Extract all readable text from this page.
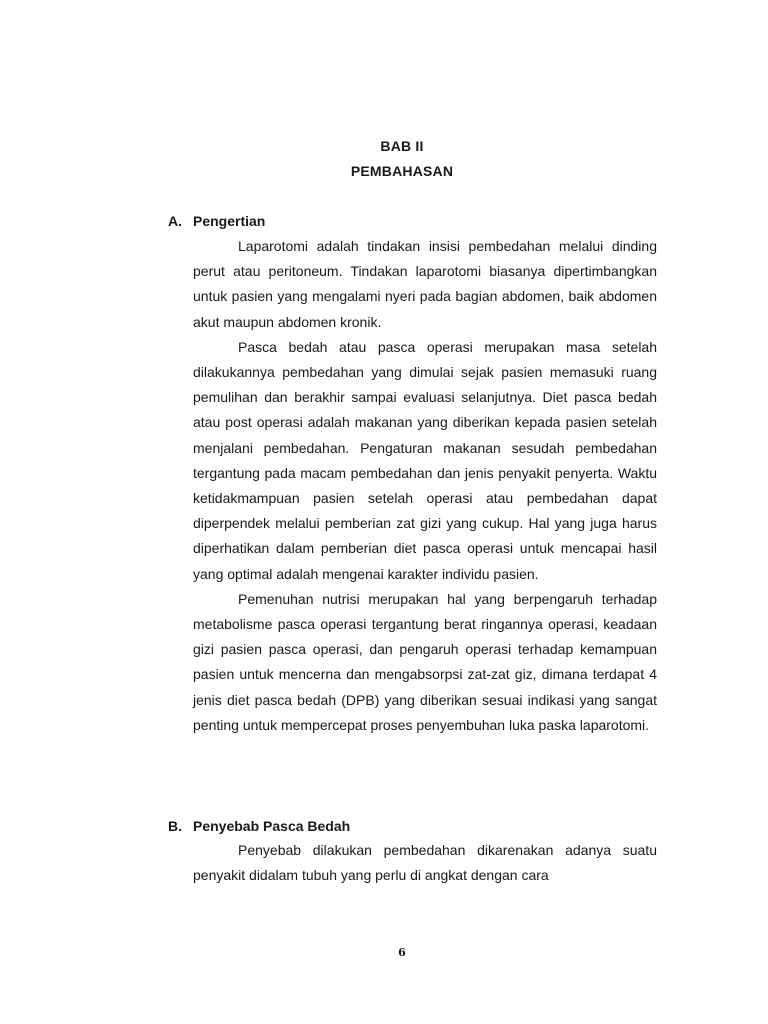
BAB II
PEMBAHASAN
A. Pengertian

Laparotomi adalah tindakan insisi pembedahan melalui dinding perut atau peritoneum. Tindakan laparotomi biasanya dipertimbangkan untuk pasien yang mengalami nyeri pada bagian abdomen, baik abdomen akut maupun abdomen kronik.

Pasca bedah atau pasca operasi merupakan masa setelah dilakukannya pembedahan yang dimulai sejak pasien memasuki ruang pemulihan dan berakhir sampai evaluasi selanjutnya. Diet pasca bedah atau post operasi adalah makanan yang diberikan kepada pasien setelah menjalani pembedahan. Pengaturan makanan sesudah pembedahan tergantung pada macam pembedahan dan jenis penyakit penyerta. Waktu ketidakmampuan pasien setelah operasi atau pembedahan dapat diperpendek melalui pemberian zat gizi yang cukup. Hal yang juga harus diperhatikan dalam pemberian diet pasca operasi untuk mencapai hasil yang optimal adalah mengenai karakter individu pasien.

Pemenuhan nutrisi merupakan hal yang berpengaruh terhadap metabolisme pasca operasi tergantung berat ringannya operasi, keadaan gizi pasien pasca operasi, dan pengaruh operasi terhadap kemampuan pasien untuk mencerna dan mengabsorpsi zat-zat giz, dimana terdapat 4 jenis diet pasca bedah (DPB) yang diberikan sesuai indikasi yang sangat penting untuk mempercepat proses penyembuhan luka paska laparotomi.

B. Penyebab Pasca Bedah

Penyebab dilakukan pembedahan dikarenakan adanya suatu penyakit didalam tubuh yang perlu di angkat dengan cara

6
